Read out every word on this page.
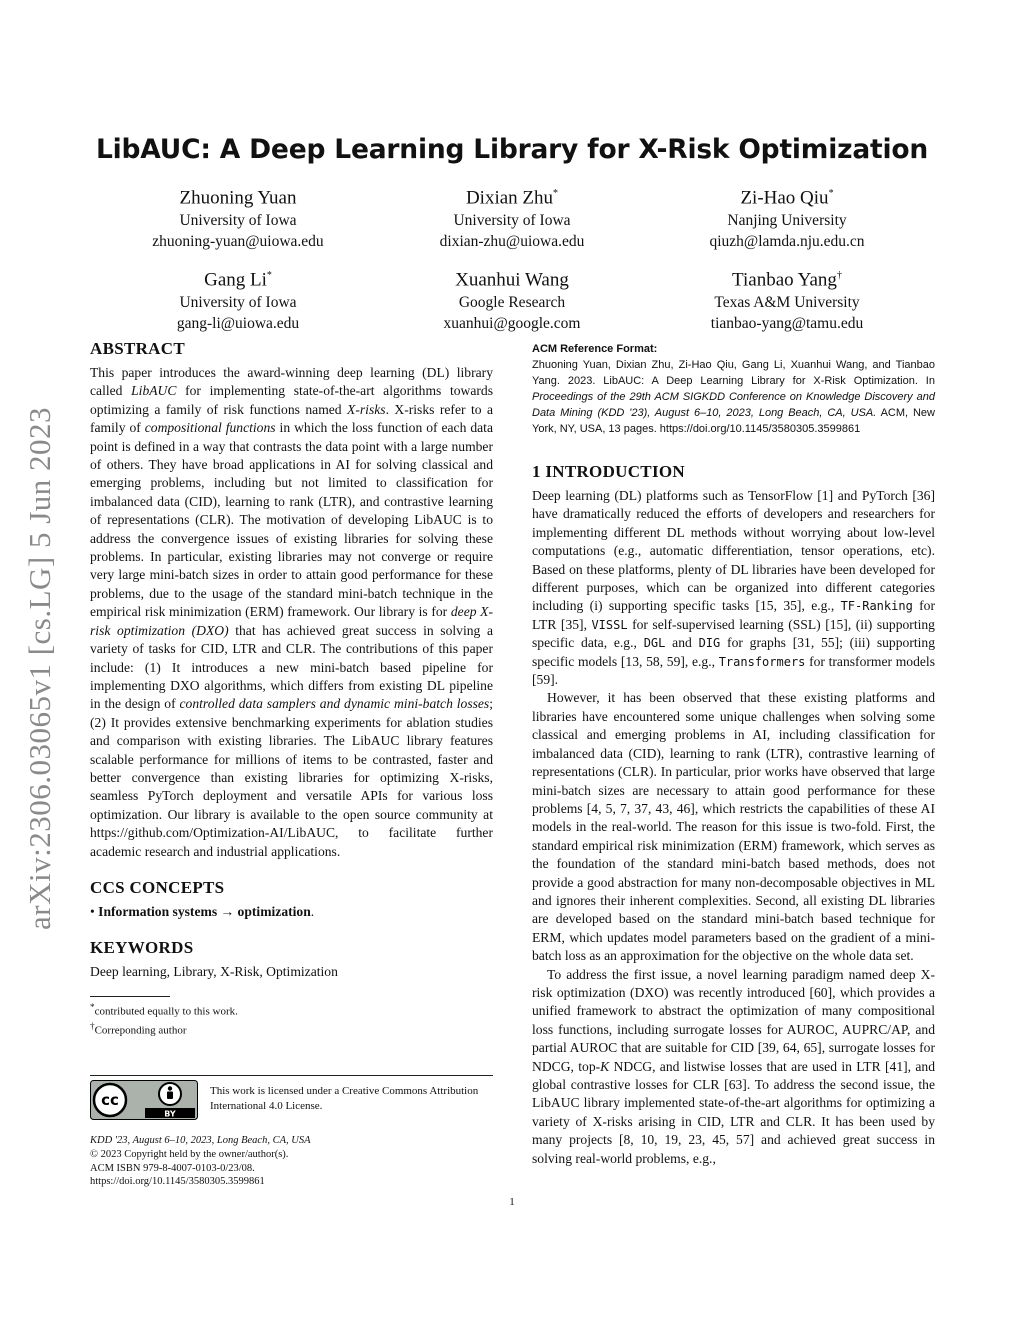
arXiv:2306.03065v1 [cs.LG] 5 Jun 2023
LibAUC: A Deep Learning Library for X-Risk Optimization
Zhuoning Yuan
University of Iowa
zhuoning-yuan@uiowa.edu
Dixian Zhu*
University of Iowa
dixian-zhu@uiowa.edu
Zi-Hao Qiu*
Nanjing University
qiuzh@lamda.nju.edu.cn
Gang Li*
University of Iowa
gang-li@uiowa.edu
Xuanhui Wang
Google Research
xuanhui@google.com
Tianbao Yang†
Texas A&M University
tianbao-yang@tamu.edu
ABSTRACT

This paper introduces the award-winning deep learning (DL) library called LibAUC for implementing state-of-the-art algorithms towards optimizing a family of risk functions named X-risks. X-risks refer to a family of compositional functions in which the loss function of each data point is defined in a way that contrasts the data point with a large number of others. They have broad applications in AI for solving classical and emerging problems, including but not limited to classification for imbalanced data (CID), learning to rank (LTR), and contrastive learning of representations (CLR). The motivation of developing LibAUC is to address the convergence issues of existing libraries for solving these problems. In particular, existing libraries may not converge or require very large mini-batch sizes in order to attain good performance for these problems, due to the usage of the standard mini-batch technique in the empirical risk minimization (ERM) framework. Our library is for deep X-risk optimization (DXO) that has achieved great success in solving a variety of tasks for CID, LTR and CLR. The contributions of this paper include: (1) It introduces a new mini-batch based pipeline for implementing DXO algorithms, which differs from existing DL pipeline in the design of controlled data samplers and dynamic mini-batch losses; (2) It provides extensive benchmarking experiments for ablation studies and comparison with existing libraries. The LibAUC library features scalable performance for millions of items to be contrasted, faster and better convergence than existing libraries for optimizing X-risks, seamless PyTorch deployment and versatile APIs for various loss optimization. Our library is available to the open source community at https://github.com/Optimization-AI/LibAUC, to facilitate further academic research and industrial applications.

CCS CONCEPTS

• Information systems → optimization.

KEYWORDS

Deep learning, Library, X-Risk, Optimization

*contributed equally to this work.

†Correponding author

cc
BY
This work is licensed under a Creative Commons Attribution International 4.0 License.
KDD '23, August 6–10, 2023, Long Beach, CA, USA
© 2023 Copyright held by the owner/author(s).
ACM ISBN 979-8-4007-0103-0/23/08.
https://doi.org/10.1145/3580305.3599861
ACM Reference Format:

Zhuoning Yuan, Dixian Zhu, Zi-Hao Qiu, Gang Li, Xuanhui Wang, and Tianbao Yang. 2023. LibAUC: A Deep Learning Library for X-Risk Optimization. In Proceedings of the 29th ACM SIGKDD Conference on Knowledge Discovery and Data Mining (KDD '23), August 6–10, 2023, Long Beach, CA, USA. ACM, New York, NY, USA, 13 pages. https://doi.org/10.1145/3580305.3599861

1 INTRODUCTION

Deep learning (DL) platforms such as TensorFlow [1] and PyTorch [36] have dramatically reduced the efforts of developers and researchers for implementing different DL methods without worrying about low-level computations (e.g., automatic differentiation, tensor operations, etc). Based on these platforms, plenty of DL libraries have been developed for different purposes, which can be organized into different categories including (i) supporting specific tasks [15, 35], e.g., TF-Ranking for LTR [35], VISSL for self-supervised learning (SSL) [15], (ii) supporting specific data, e.g., DGL and DIG for graphs [31, 55]; (iii) supporting specific models [13, 58, 59], e.g., Transformers for transformer models [59].

However, it has been observed that these existing platforms and libraries have encountered some unique challenges when solving some classical and emerging problems in AI, including classification for imbalanced data (CID), learning to rank (LTR), contrastive learning of representations (CLR). In particular, prior works have observed that large mini-batch sizes are necessary to attain good performance for these problems [4, 5, 7, 37, 43, 46], which restricts the capabilities of these AI models in the real-world. The reason for this issue is two-fold. First, the standard empirical risk minimization (ERM) framework, which serves as the foundation of the standard mini-batch based methods, does not provide a good abstraction for many non-decomposable objectives in ML and ignores their inherent complexities. Second, all existing DL libraries are developed based on the standard mini-batch based technique for ERM, which updates model parameters based on the gradient of a mini-batch loss as an approximation for the objective on the whole data set.

To address the first issue, a novel learning paradigm named deep X-risk optimization (DXO) was recently introduced [60], which provides a unified framework to abstract the optimization of many compositional loss functions, including surrogate losses for AUROC, AUPRC/AP, and partial AUROC that are suitable for CID [39, 64, 65], surrogate losses for NDCG, top-K NDCG, and listwise losses that are used in LTR [41], and global contrastive losses for CLR [63]. To address the second issue, the LibAUC library implemented state-of-the-art algorithms for optimizing a variety of X-risks arising in CID, LTR and CLR. It has been used by many projects [8, 10, 19, 23, 45, 57] and achieved great success in solving real-world problems, e.g.,

1
